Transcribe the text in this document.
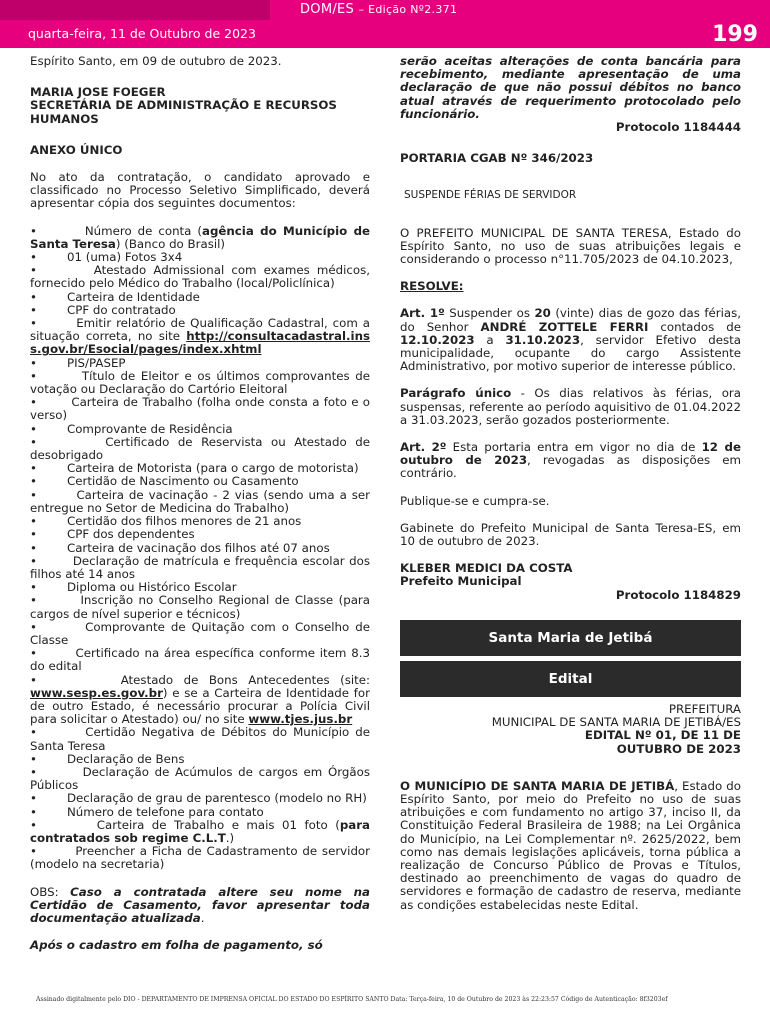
DOM/ES – Edição Nº2.371
quarta-feira, 11 de Outubro de 2023	199

Espírito Santo, em 09 de outubro de 2023.

MARIA JOSE FOEGER

SECRETÁRIA DE ADMINISTRAÇÃO E RECURSOS HUMANOS

ANEXO ÚNICO

No ato da contratação, o candidato aprovado e classificado no Processo Seletivo Simplificado, deverá apresentar cópia dos seguintes documentos:

•	Número de conta (agência do Município de Santa Teresa) (Banco do Brasil)

•	01 (uma) Fotos 3x4

•	Atestado Admissional com exames médicos, fornecido pelo Médico do Trabalho (local/Policlínica)

•	Carteira de Identidade

•	CPF do contratado

•	Emitir relatório de Qualificação Cadastral, com a situação correta, no site http://consultacadastral.inss.gov.br/Esocial/pages/index.xhtml

•	PIS/PASEP

•	Título de Eleitor e os últimos comprovantes de votação ou Declaração do Cartório Eleitoral

•	Carteira de Trabalho (folha onde consta a foto e o verso)

•	Comprovante de Residência

•	Certificado de Reservista ou Atestado de desobrigado

•	Carteira de Motorista (para o cargo de motorista)

•	Certidão de Nascimento ou Casamento

•	Carteira de vacinação - 2 vias (sendo uma a ser entregue no Setor de Medicina do Trabalho)

•	Certidão dos filhos menores de 21 anos

•	CPF dos dependentes

•	Carteira de vacinação dos filhos até 07 anos

•	Declaração de matrícula e frequência escolar dos filhos até 14 anos

•	Diploma ou Histórico Escolar

•	Inscrição no Conselho Regional de Classe (para cargos de nível superior e técnicos)

•	Comprovante de Quitação com o Conselho de Classe

•	Certificado na área específica conforme item 8.3 do edital

•	Atestado de Bons Antecedentes (site: www.sesp.es.gov.br) e se a Carteira de Identidade for de outro Estado, é necessário procurar a Polícia Civil para solicitar o Atestado) ou/ no site www.tjes.jus.br

•	Certidão Negativa de Débitos do Município de Santa Teresa

•	Declaração de Bens

•	Declaração de Acúmulos de cargos em Órgãos Públicos

•	Declaração de grau de parentesco (modelo no RH)

•	Número de telefone para contato

•	Carteira de Trabalho e mais 01 foto (para contratados sob regime C.L.T.)

•	Preencher a Ficha de Cadastramento de servidor (modelo na secretaria)

OBS: Caso a contratada altere seu nome na Certidão de Casamento, favor apresentar toda documentação atualizada.

Após o cadastro em folha de pagamento, só

serão aceitas alterações de conta bancária para recebimento, mediante apresentação de uma declaração de que não possui débitos no banco atual através de requerimento protocolado pelo funcionário.

Protocolo 1184444

PORTARIA CGAB Nº 346/2023

SUSPENDE FÉRIAS DE SERVIDOR

O PREFEITO MUNICIPAL DE SANTA TERESA, Estado do Espírito Santo, no uso de suas atribuições legais e considerando o processo n°11.705/2023 de 04.10.2023,

RESOLVE:

Art. 1º Suspender os 20 (vinte) dias de gozo das férias, do Senhor ANDRÉ ZOTTELE FERRI contados de 12.10.2023 a 31.10.2023, servidor Efetivo desta municipalidade, ocupante do cargo Assistente Administrativo, por motivo superior de interesse público.

Parágrafo único - Os dias relativos às férias, ora suspensas, referente ao período aquisitivo de 01.04.2022 a 31.03.2023, serão gozados posteriormente.

Art. 2º Esta portaria entra em vigor no dia de 12 de outubro de 2023, revogadas as disposições em contrário.

Publique-se e cumpra-se.

Gabinete do Prefeito Municipal de Santa Teresa-ES, em 10 de outubro de 2023.

KLEBER MEDICI DA COSTA

Prefeito Municipal

Protocolo 1184829

Santa Maria de Jetibá
Edital

PREFEITURA

MUNICIPAL DE SANTA MARIA DE JETIBÁ/ES

EDITAL Nº 01, DE 11 DE OUTUBRO DE 2023

O MUNICÍPIO DE SANTA MARIA DE JETIBÁ, Estado do Espírito Santo, por meio do Prefeito no uso de suas atribuições e com fundamento no artigo 37, inciso II, da Constituição Federal Brasileira de 1988; na Lei Orgânica do Município, na Lei Complementar nº. 2625/2022, bem como nas demais legislações aplicáveis, torna pública a realização de Concurso Público de Provas e Títulos, destinado ao preenchimento de vagas do quadro de servidores e formação de cadastro de reserva, mediante as condições estabelecidas neste Edital.

Assinado digitalmente pelo DIO - DEPARTAMENTO DE IMPRENSA OFICIAL DO ESTADO DO ESPÍRITO SANTO Data: Terça-feira, 10 de Outubro de 2023 às 22:23:57 Código de Autenticação: 8f3203ef
